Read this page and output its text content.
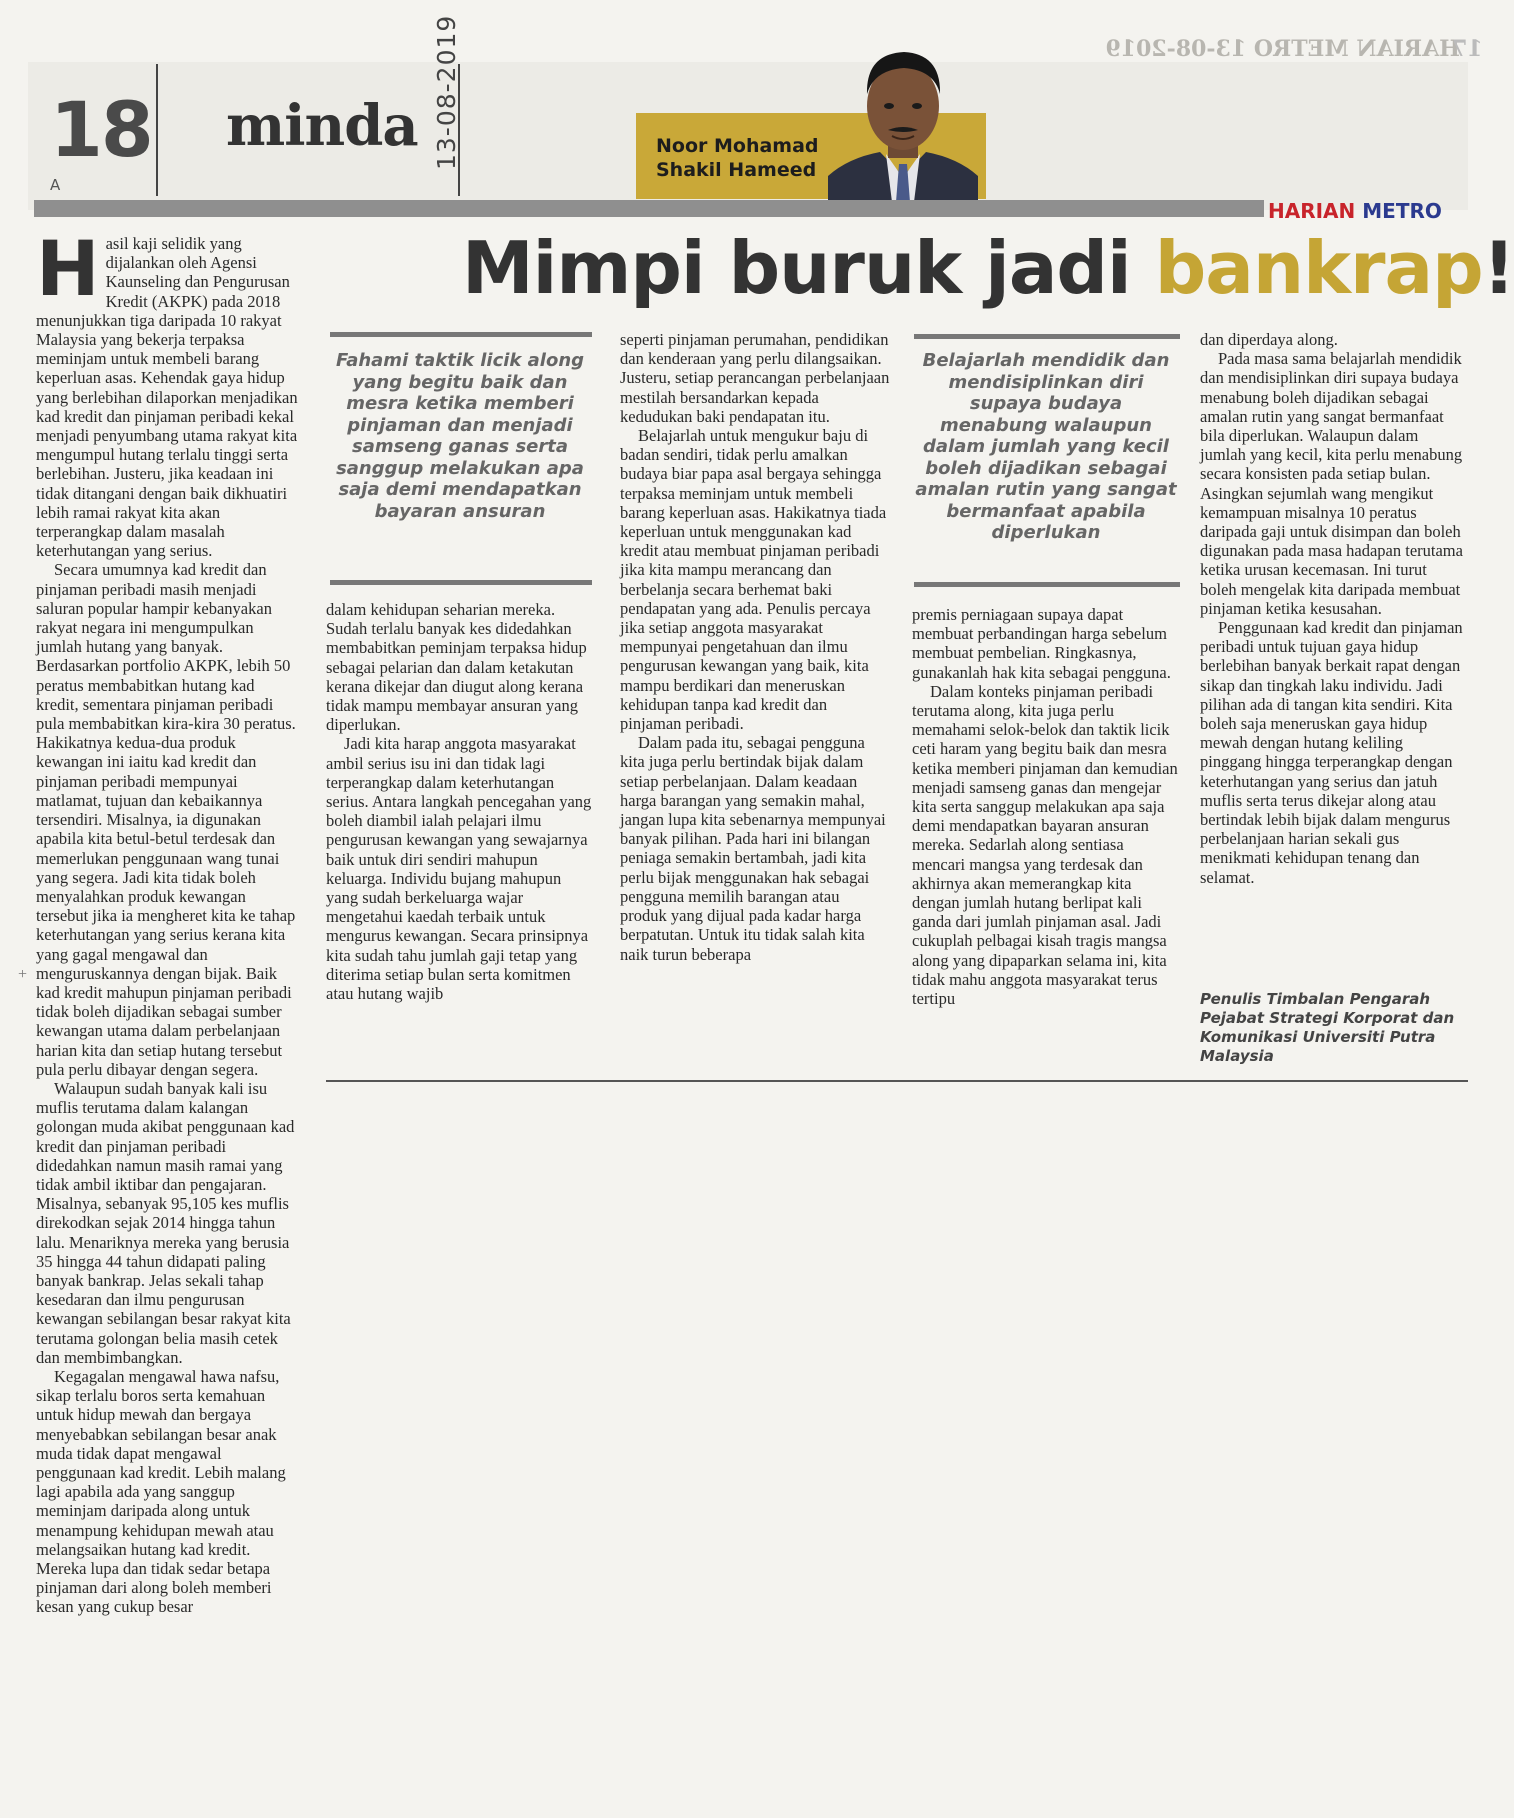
HARIAN METRO 13-08-2019
17
18
A
minda 13-08-2019	Noor Mohamad Shakil Hameed
HARIAN METRO
Mimpi buruk jadi bankrap!

Hasil kaji selidik yang dijalankan oleh Agensi Kaunseling dan Pengurusan Kredit (AKPK) pada 2018 menunjukkan tiga daripada 10 rakyat Malaysia yang bekerja terpaksa meminjam untuk membeli barang keperluan asas. Kehendak gaya hidup yang berlebihan dilaporkan menjadikan kad kredit dan pinjaman peribadi kekal menjadi penyumbang utama rakyat kita mengumpul hutang terlalu tinggi serta berlebihan. Justeru, jika keadaan ini tidak ditangani dengan baik dikhuatiri lebih ramai rakyat kita akan terperangkap dalam masalah keterhutangan yang serius.

Secara umumnya kad kredit dan pinjaman peribadi masih menjadi saluran popular hampir kebanyakan rakyat negara ini mengumpulkan jumlah hutang yang banyak. Berdasarkan portfolio AKPK, lebih 50 peratus membabitkan hutang kad kredit, sementara pinjaman peribadi pula membabitkan kira-kira 30 peratus. Hakikatnya kedua-dua produk kewangan ini iaitu kad kredit dan pinjaman peribadi mempunyai matlamat, tujuan dan kebaikannya tersendiri. Misalnya, ia digunakan apabila kita betul-betul terdesak dan memerlukan penggunaan wang tunai yang segera. Jadi kita tidak boleh menyalahkan produk kewangan tersebut jika ia mengheret kita ke tahap keterhutangan yang serius kerana kita yang gagal mengawal dan menguruskannya dengan bijak. Baik kad kredit mahupun pinjaman peribadi tidak boleh dijadikan sebagai sumber kewangan utama dalam perbelanjaan harian kita dan setiap hutang tersebut pula perlu dibayar dengan segera.

Walaupun sudah banyak kali isu muflis terutama dalam kalangan golongan muda akibat penggunaan kad kredit dan pinjaman peribadi didedahkan namun masih ramai yang tidak ambil iktibar dan pengajaran. Misalnya, sebanyak 95,105 kes muflis direkodkan sejak 2014 hingga tahun lalu. Menariknya mereka yang berusia 35 hingga 44 tahun didapati paling banyak bankrap. Jelas sekali tahap kesedaran dan ilmu pengurusan kewangan sebilangan besar rakyat kita terutama golongan belia masih cetek dan membimbangkan.

Kegagalan mengawal hawa nafsu, sikap terlalu boros serta kemahuan untuk hidup mewah dan bergaya menyebabkan sebilangan besar anak muda tidak dapat mengawal penggunaan kad kredit. Lebih malang lagi apabila ada yang sanggup meminjam daripada along untuk menampung kehidupan mewah atau melangsaikan hutang kad kredit. Mereka lupa dan tidak sedar betapa pinjaman dari along boleh memberi kesan yang cukup besar

+
Fahami taktik licik along yang begitu baik dan mesra ketika memberi pinjaman dan menjadi samseng ganas serta sanggup melakukan apa saja demi mendapatkan bayaran ansuran

dalam kehidupan seharian mereka. Sudah terlalu banyak kes didedahkan membabitkan peminjam terpaksa hidup sebagai pelarian dan dalam ketakutan kerana dikejar dan diugut along kerana tidak mampu membayar ansuran yang diperlukan.

Jadi kita harap anggota masyarakat ambil serius isu ini dan tidak lagi terperangkap dalam keterhutangan serius. Antara langkah pencegahan yang boleh diambil ialah pelajari ilmu pengurusan kewangan yang sewajarnya baik untuk diri sendiri mahupun keluarga. Individu bujang mahupun yang sudah berkeluarga wajar mengetahui kaedah terbaik untuk mengurus kewangan. Secara prinsipnya kita sudah tahu jumlah gaji tetap yang diterima setiap bulan serta komitmen atau hutang wajib

seperti pinjaman perumahan, pendidikan dan kenderaan yang perlu dilangsaikan. Justeru, setiap perancangan perbelanjaan mestilah bersandarkan kepada kedudukan baki pendapatan itu.

Belajarlah untuk mengukur baju di badan sendiri, tidak perlu amalkan budaya biar papa asal bergaya sehingga terpaksa meminjam untuk membeli barang keperluan asas. Hakikatnya tiada keperluan untuk menggunakan kad kredit atau membuat pinjaman peribadi jika kita mampu merancang dan berbelanja secara berhemat baki pendapatan yang ada. Penulis percaya jika setiap anggota masyarakat mempunyai pengetahuan dan ilmu pengurusan kewangan yang baik, kita mampu berdikari dan meneruskan kehidupan tanpa kad kredit dan pinjaman peribadi.

Dalam pada itu, sebagai pengguna kita juga perlu bertindak bijak dalam setiap perbelanjaan. Dalam keadaan harga barangan yang semakin mahal, jangan lupa kita sebenarnya mempunyai banyak pilihan. Pada hari ini bilangan peniaga semakin bertambah, jadi kita perlu bijak menggunakan hak sebagai pengguna memilih barangan atau produk yang dijual pada kadar harga berpatutan. Untuk itu tidak salah kita naik turun beberapa

Belajarlah mendidik dan mendisiplinkan diri supaya budaya menabung walaupun dalam jumlah yang kecil boleh dijadikan sebagai amalan rutin yang sangat bermanfaat apabila diperlukan

premis perniagaan supaya dapat membuat perbandingan harga sebelum membuat pembelian. Ringkasnya, gunakanlah hak kita sebagai pengguna.

Dalam konteks pinjaman peribadi terutama along, kita juga perlu memahami selok-belok dan taktik licik ceti haram yang begitu baik dan mesra ketika memberi pinjaman dan kemudian menjadi samseng ganas dan mengejar kita serta sanggup melakukan apa saja demi mendapatkan bayaran ansuran mereka. Sedarlah along sentiasa mencari mangsa yang terdesak dan akhirnya akan memerangkap kita dengan jumlah hutang berlipat kali ganda dari jumlah pinjaman asal. Jadi cukuplah pelbagai kisah tragis mangsa along yang dipaparkan selama ini, kita tidak mahu anggota masyarakat terus tertipu

dan diperdaya along.

Pada masa sama belajarlah mendidik dan mendisiplinkan diri supaya budaya menabung boleh dijadikan sebagai amalan rutin yang sangat bermanfaat bila diperlukan. Walaupun dalam jumlah yang kecil, kita perlu menabung secara konsisten pada setiap bulan. Asingkan sejumlah wang mengikut kemampuan misalnya 10 peratus daripada gaji untuk disimpan dan boleh digunakan pada masa hadapan terutama ketika urusan kecemasan. Ini turut boleh mengelak kita daripada membuat pinjaman ketika kesusahan.

Penggunaan kad kredit dan pinjaman peribadi untuk tujuan gaya hidup berlebihan banyak berkait rapat dengan sikap dan tingkah laku individu. Jadi pilihan ada di tangan kita sendiri. Kita boleh saja meneruskan gaya hidup mewah dengan hutang keliling pinggang hingga terperangkap dengan keterhutangan yang serius dan jatuh muflis serta terus dikejar along atau bertindak lebih bijak dalam mengurus perbelanjaan harian sekali gus menikmati kehidupan tenang dan selamat.

Penulis Timbalan Pengarah Pejabat Strategi Korporat dan Komunikasi Universiti Putra Malaysia
